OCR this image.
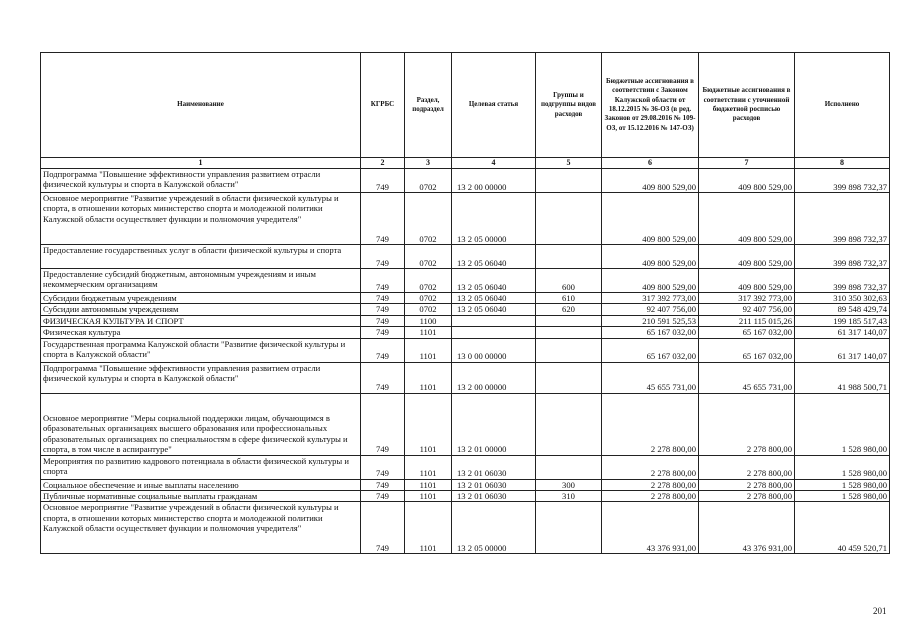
Наименование	КГРБС	Раздел, подраздел	Целевая статья	Группы и подгруппы видов расходов	Бюджетные ассигнования в соответствии с Законом Калужской области от 18.12.2015 № 36-ОЗ (в ред. Законов от 29.08.2016 № 109-ОЗ, от 15.12.2016 № 147-ОЗ)	Бюджетные ассигнования в соответствии с уточненной бюджетной росписью расходов	Исполнено
1	2	3	4	5	6	7	8
Подпрограмма "Повышение эффективности управления развитием отрасли физической культуры и спорта в Калужской области"	749	0702	13 2 00 00000		409 800 529,00	409 800 529,00	399 898 732,37
Основное мероприятие "Развитие учреждений в области физической культуры и спорта, в отношении которых министерство спорта и молодежной политики Калужской области осуществляет функции и полномочия учредителя"	749	0702	13 2 05 00000		409 800 529,00	409 800 529,00	399 898 732,37
Предоставление государственных услуг в области физической культуры и спорта	749	0702	13 2 05 06040		409 800 529,00	409 800 529,00	399 898 732,37
Предоставление субсидий бюджетным, автономным учреждениям и иным некоммерческим организациям	749	0702	13 2 05 06040	600	409 800 529,00	409 800 529,00	399 898 732,37
Субсидии бюджетным учреждениям	749	0702	13 2 05 06040	610	317 392 773,00	317 392 773,00	310 350 302,63
Субсидии автономным учреждениям	749	0702	13 2 05 06040	620	92 407 756,00	92 407 756,00	89 548 429,74
ФИЗИЧЕСКАЯ КУЛЬТУРА И СПОРТ	749	1100			210 591 525,53	211 115 015,26	199 185 517,43
Физическая культура	749	1101			65 167 032,00	65 167 032,00	61 317 140,07
Государственная программа Калужской области "Развитие физической культуры и спорта в Калужской области"	749	1101	13 0 00 00000		65 167 032,00	65 167 032,00	61 317 140,07
Подпрограмма "Повышение эффективности управления развитием отрасли физической культуры и спорта в Калужской области"	749	1101	13 2 00 00000		45 655 731,00	45 655 731,00	41 988 500,71
Основное мероприятие "Меры социальной поддержки лицам, обучающимся в образовательных организациях высшего образования или профессиональных образовательных организациях по специальностям в сфере физической культуры и спорта, в том числе в аспирантуре"	749	1101	13 2 01 00000		2 278 800,00	2 278 800,00	1 528 980,00
Мероприятия по развитию кадрового потенциала в области физической культуры и спорта	749	1101	13 2 01 06030		2 278 800,00	2 278 800,00	1 528 980,00
Социальное обеспечение и иные выплаты населению	749	1101	13 2 01 06030	300	2 278 800,00	2 278 800,00	1 528 980,00
Публичные нормативные социальные выплаты гражданам	749	1101	13 2 01 06030	310	2 278 800,00	2 278 800,00	1 528 980,00
Основное мероприятие "Развитие учреждений в области физической культуры и спорта, в отношении которых министерство спорта и молодежной политики Калужской области осуществляет функции и полномочия учредителя"	749	1101	13 2 05 00000		43 376 931,00	43 376 931,00	40 459 520,71
201
